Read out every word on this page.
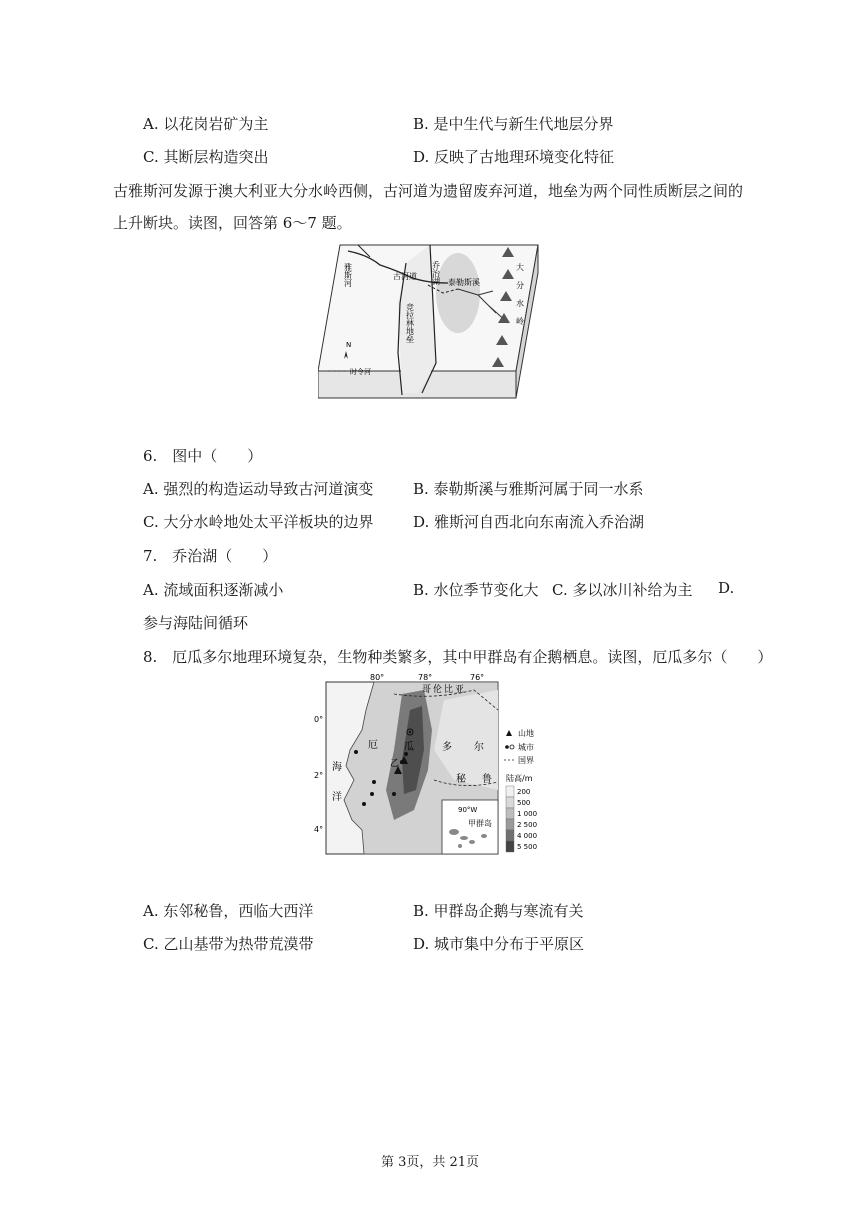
A. 以花岗岩矿为主	B. 是中生代与新生代地层分界
C. 其断层构造突出	D. 反映了古地理环境变化特征
古雅斯河发源于澳大利亚大分水岭西侧，古河道为遗留废弃河道，地垒为两个同性质断层之间的
上升断块。读图，回答第 6～7 题。
雅斯河	古河道 乔治湖 泰勒斯溪
竞拉林地垒	大分水岭
N
时令河
6.　图中（　　）
A. 强烈的构造运动导致古河道演变	B. 泰勒斯溪与雅斯河属于同一水系
C. 大分水岭地处太平洋板块的边界	D. 雅斯河自西北向东南流入乔治湖
7.　乔治湖（　　）
A. 流域面积逐渐减小	B. 水位季节变化大 C. 多以冰川补给为主 D.
参与海陆间循环
8.　厄瓜多尔地理环境复杂，生物种类繁多，其中甲群岛有企鹅栖息。读图，厄瓜多尔（　　）
80°	78°	76°
0°
2°
4°
哥伦比亚
厄	瓜	多 尔
海
洋
乙
秘 鲁
90°W
甲群岛
山地
城市
国界
陆高/m
200
500
1 000
2 500
4 000
5 500
A. 东邻秘鲁，西临大西洋	B. 甲群岛企鹅与寒流有关
C. 乙山基带为热带荒漠带	D. 城市集中分布于平原区
第 3页，共 21页
